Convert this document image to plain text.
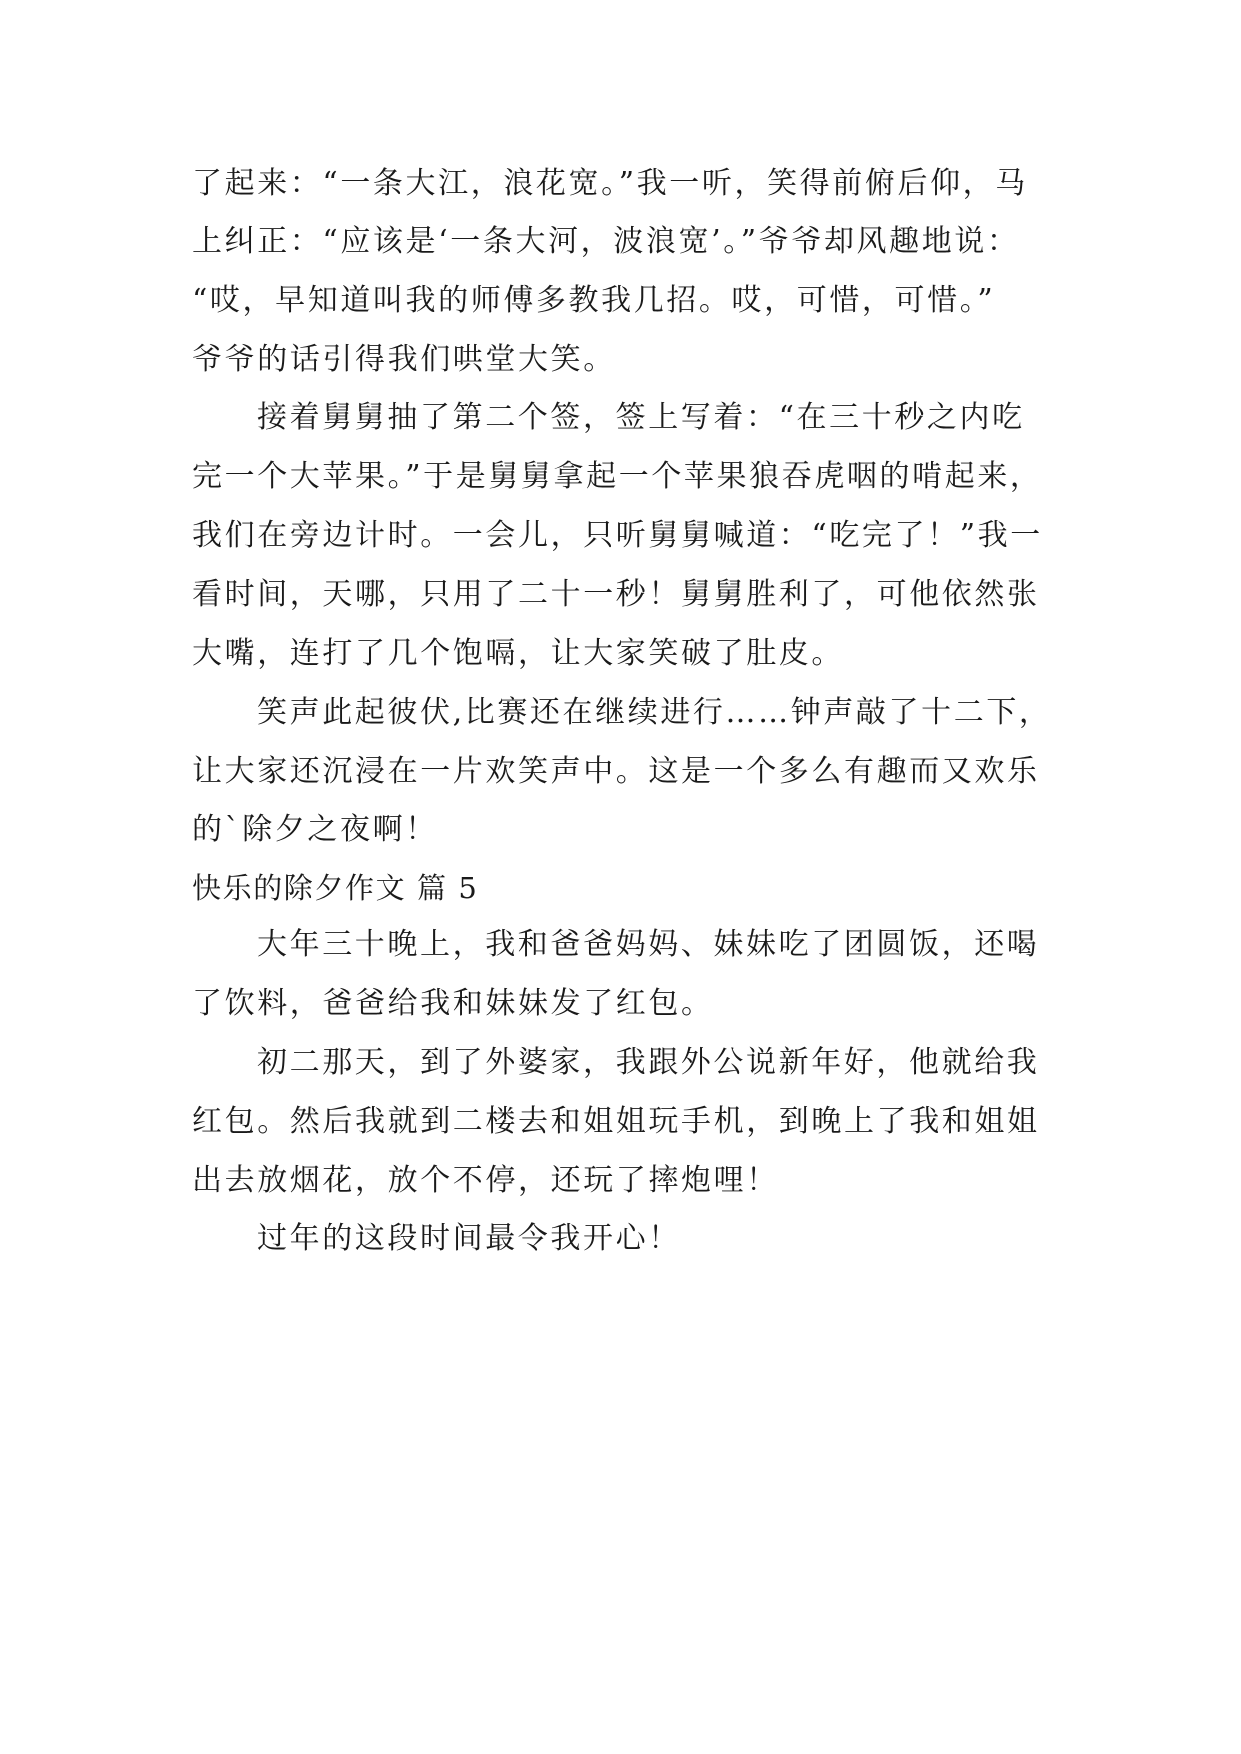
了起来：“一条大江，浪花宽。”我一听，笑得前俯后仰，马
上纠正：“应该是‘一条大河，波浪宽’。”爷爷却风趣地说：
“哎，早知道叫我的师傅多教我几招。哎，可惜，可惜。”
爷爷的话引得我们哄堂大笑。
接着舅舅抽了第二个签，签上写着：“在三十秒之内吃
完一个大苹果。”于是舅舅拿起一个苹果狼吞虎咽的啃起来，
我们在旁边计时。一会儿，只听舅舅喊道：“吃完了！”我一
看时间，天哪，只用了二十一秒！舅舅胜利了，可他依然张
大嘴，连打了几个饱嗝，让大家笑破了肚皮。
笑声此起彼伏,比赛还在继续进行……钟声敲了十二下，
让大家还沉浸在一片欢笑声中。这是一个多么有趣而又欢乐
的`除夕之夜啊！
快乐的除夕作文 篇 5
大年三十晚上，我和爸爸妈妈、妹妹吃了团圆饭，还喝
了饮料，爸爸给我和妹妹发了红包。
初二那天，到了外婆家，我跟外公说新年好，他就给我
红包。然后我就到二楼去和姐姐玩手机，到晚上了我和姐姐
出去放烟花，放个不停，还玩了摔炮哩！
过年的这段时间最令我开心！
